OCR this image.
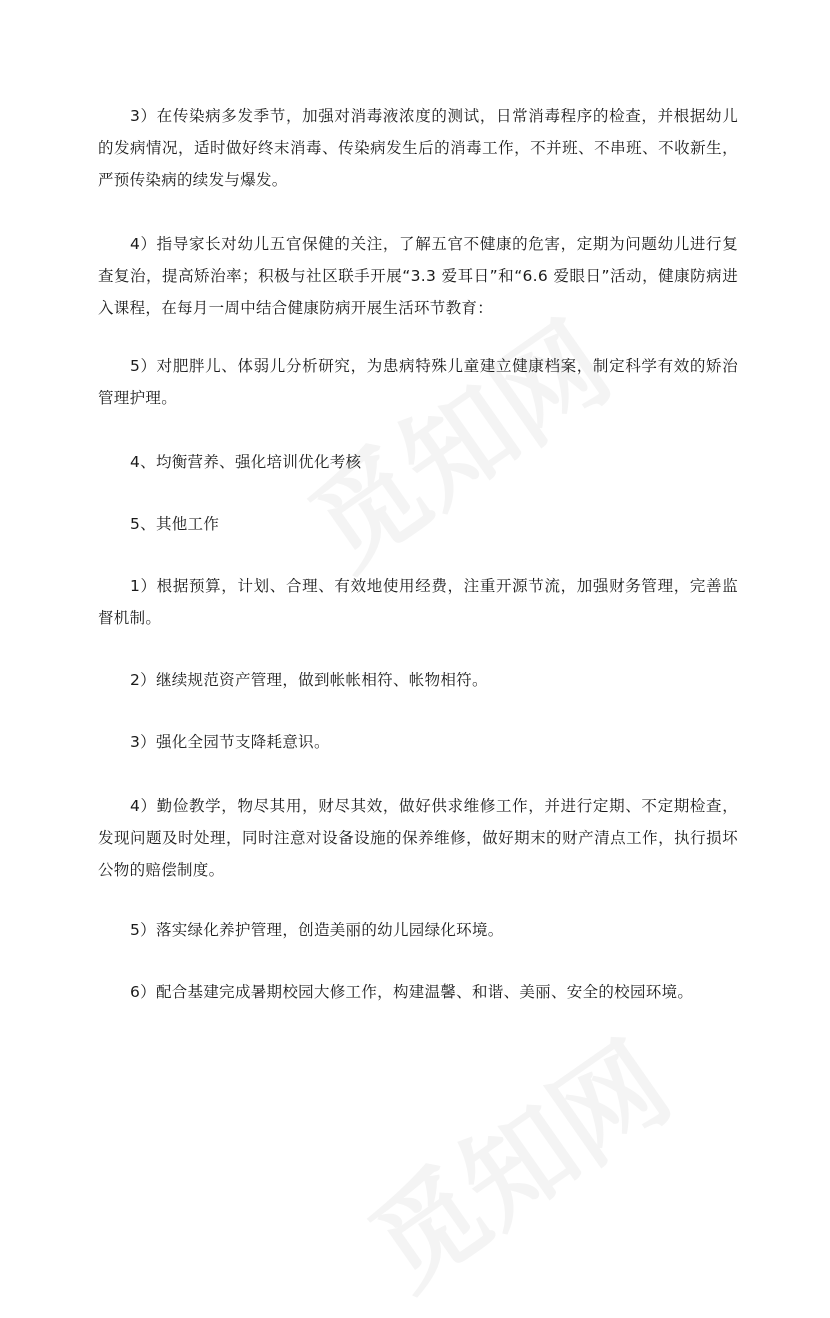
3）在传染病多发季节，加强对消毒液浓度的测试，日常消毒程序的检查，并根据幼儿的发病情况，适时做好终末消毒、传染病发生后的消毒工作，不并班、不串班、不收新生，严预传染病的续发与爆发。

4）指导家长对幼儿五官保健的关注，了解五官不健康的危害，定期为问题幼儿进行复查复治，提高矫治率；积极与社区联手开展“3.3 爱耳日”和“6.6 爱眼日”活动，健康防病进入课程，在每月一周中结合健康防病开展生活环节教育：

5）对肥胖儿、体弱儿分析研究，为患病特殊儿童建立健康档案，制定科学有效的矫治管理护理。

4、均衡营养、强化培训优化考核

5、其他工作

1）根据预算，计划、合理、有效地使用经费，注重开源节流，加强财务管理，完善监督机制。

2）继续规范资产管理，做到帐帐相符、帐物相符。

3）强化全园节支降耗意识。

4）勤俭教学，物尽其用，财尽其效，做好供求维修工作，并进行定期、不定期检查，发现问题及时处理，同时注意对设备设施的保养维修，做好期末的财产清点工作，执行损坏公物的赔偿制度。

5）落实绿化养护管理，创造美丽的幼儿园绿化环境。

6）配合基建完成暑期校园大修工作，构建温馨、和谐、美丽、安全的校园环境。
